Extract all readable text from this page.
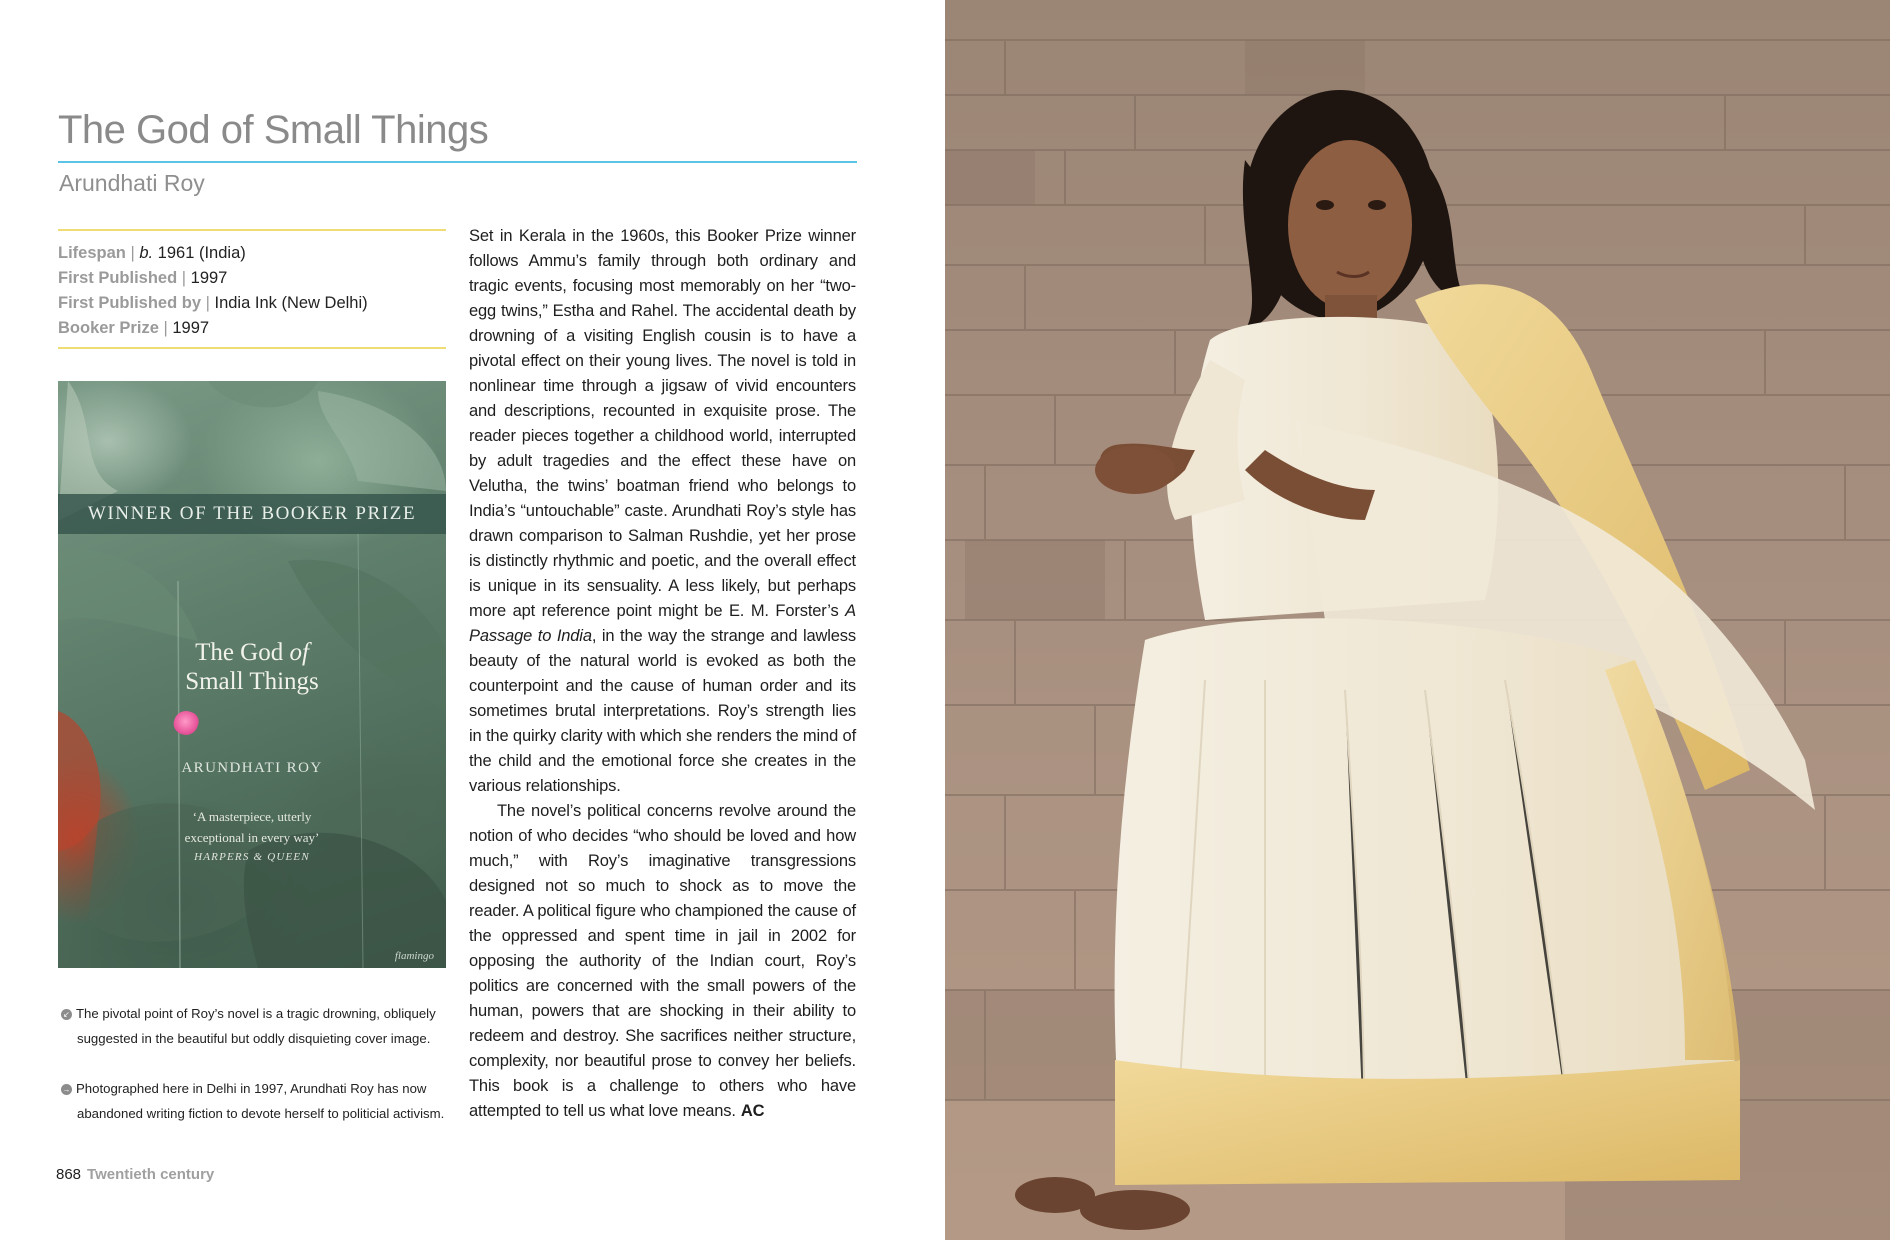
The God of Small Things
Arundhati Roy
Lifespan | b. 1961 (India)
First Published | 1997
First Published by | India Ink (New Delhi)
Booker Prize | 1997
WINNER OF THE BOOKER PRIZE
The God of
Small Things
ARUNDHATI ROY
‘A masterpiece, utterly
exceptional in every way’
HARPERS & QUEEN
flamingo
↙ The pivotal point of Roy’s novel is a tragic drowning, obliquely
suggested in the beautiful but oddly disquieting cover image.
→ Photographed here in Delhi in 1997, Arundhati Roy has now
abandoned writing fiction to devote herself to politicial activism.

Set in Kerala in the 1960s, this Booker Prize winner follows Ammu’s family through both ordinary and tragic events, focusing most memorably on her “two-egg twins,” Estha and Rahel. The accidental death by drowning of a visiting English cousin is to have a pivotal effect on their young lives. The novel is told in nonlinear time through a jigsaw of vivid encounters and descriptions, recounted in exquisite prose. The reader pieces together a childhood world, interrupted by adult tragedies and the effect these have on Velutha, the twins’ boatman friend who belongs to India’s “untouchable” caste. Arundhati Roy’s style has drawn comparison to Salman Rushdie, yet her prose is distinctly rhythmic and poetic, and the overall effect is unique in its sensuality. A less likely, but perhaps more apt reference point might be E. M. Forster’s A Passage to India, in the way the strange and lawless beauty of the natural world is evoked as both the counterpoint and the cause of human order and its sometimes brutal interpretations. Roy’s strength lies in the quirky clarity with which she renders the mind of the child and the emotional force she creates in the various relationships.

The novel’s political concerns revolve around the notion of who decides “who should be loved and how much,” with Roy’s imaginative transgressions designed not so much to shock as to move the reader. A political figure who championed the cause of the oppressed and spent time in jail in 2002 for opposing the authority of the Indian court, Roy’s politics are concerned with the small powers of the human, powers that are shocking in their ability to redeem and destroy. She sacrifices neither structure, complexity, nor beautiful prose to convey her beliefs. This book is a challenge to others who have attempted to tell us what love means. AC

868 Twentieth century
